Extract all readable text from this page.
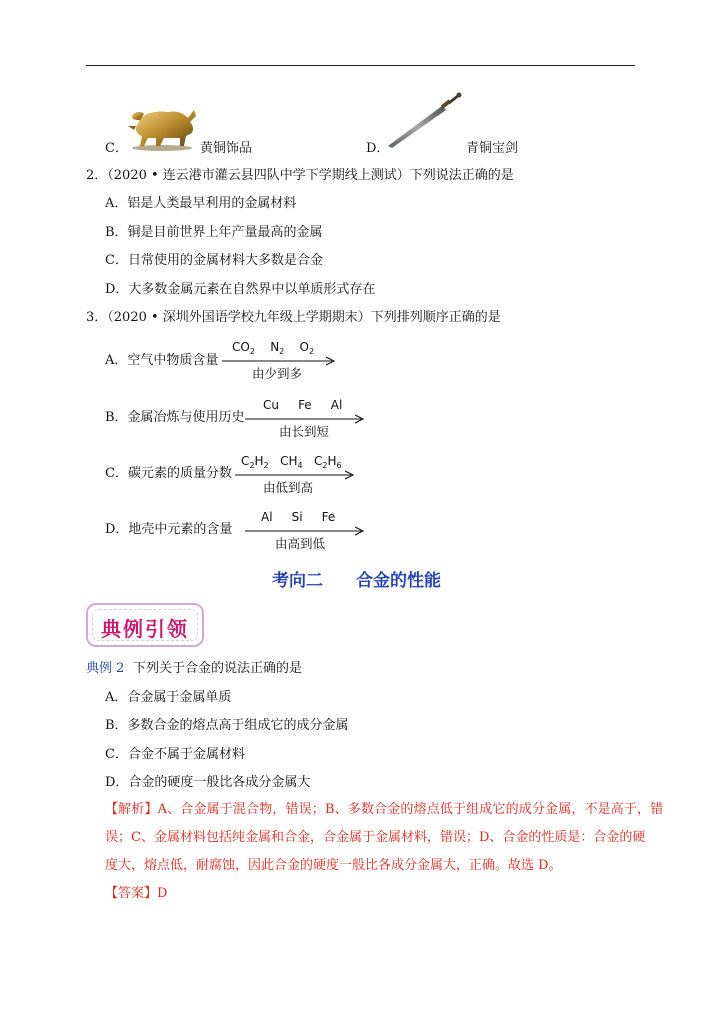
C．	黄铜饰品	D．	青铜宝剑
2．（2020 • 连云港市灌云县四队中学下学期线上测试）下列说法正确的是
A．铝是人类最早利用的金属材料
B．铜是目前世界上年产量最高的金属
C．日常使用的金属材料大多数是合金
D．大多数金属元素在自然界中以单质形式存在
3．（2020 • 深圳外国语学校九年级上学期期末）下列排列顺序正确的是
A．空气中物质含量
$CO_2$ $N_2$ $O_2$
由少到多
B．金属冶炼与使用历史
Cu Fe Al
由长到短
C．碳元素的质量分数
$C_2H_2$ $CH_4$ $C_2H_6$
由低到高
D．地壳中元素的含量
Al Si Fe
由高到低
考向二 合金的性能
典例引领
典例 2 下列关于合金的说法正确的是
A．合金属于金属单质
B．多数合金的熔点高于组成它的成分金属
C．合金不属于金属材料
D．合金的硬度一般比各成分金属大
【解析】A、合金属于混合物，错误；B、多数合金的熔点低于组成它的成分金属，不是高于，错
误；C、金属材料包括纯金属和合金，合金属于金属材料，错误；D、合金的性质是：合金的硬
度大，熔点低，耐腐蚀，因此合金的硬度一般比各成分金属大，正确。故选 D。
【答案】D
